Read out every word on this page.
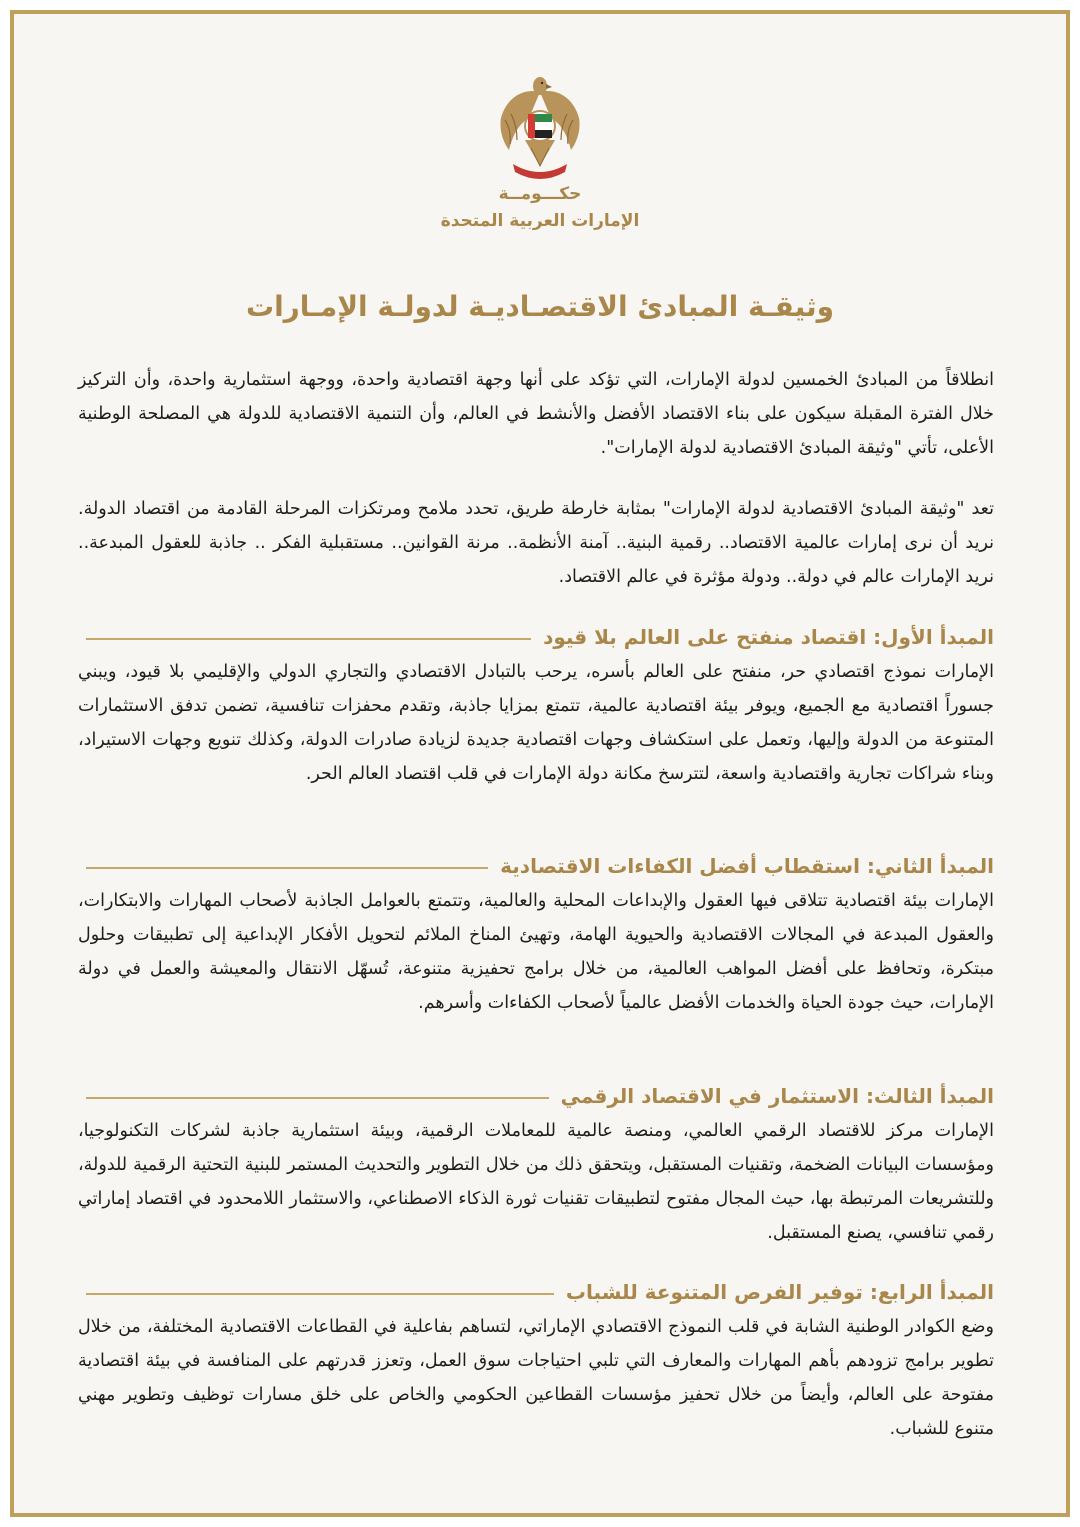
حكـــومــة
الإمارات العربية المتحدة
وثيقـة المبادئ الاقتصـاديـة لدولـة الإمـارات

انطلاقاً من المبادئ الخمسين لدولة الإمارات، التي تؤكد على أنها وجهة اقتصادية واحدة، ووجهة استثمارية واحدة، وأن التركيز خلال الفترة المقبلة سيكون على بناء الاقتصاد الأفضل والأنشط في العالم، وأن التنمية الاقتصادية للدولة هي المصلحة الوطنية الأعلى، تأتي "وثيقة المبادئ الاقتصادية لدولة الإمارات".

تعد "وثيقة المبادئ الاقتصادية لدولة الإمارات" بمثابة خارطة طريق، تحدد ملامح ومرتكزات المرحلة القادمة من اقتصاد الدولة. نريد أن نرى إمارات عالمية الاقتصاد.. رقمية البنية.. آمنة الأنظمة.. مرنة القوانين.. مستقبلية الفكر .. جاذبة للعقول المبدعة.. نريد الإمارات عالم في دولة.. ودولة مؤثرة في عالم الاقتصاد.

المبدأ الأول: اقتصاد منفتح على العالم بلا قيود

الإمارات نموذج اقتصادي حر، منفتح على العالم بأسره، يرحب بالتبادل الاقتصادي والتجاري الدولي والإقليمي بلا قيود، ويبني جسوراً اقتصادية مع الجميع، ويوفر بيئة اقتصادية عالمية، تتمتع بمزايا جاذبة، وتقدم محفزات تنافسية، تضمن تدفق الاستثمارات المتنوعة من الدولة وإليها، وتعمل على استكشاف وجهات اقتصادية جديدة لزيادة صادرات الدولة، وكذلك تنويع وجهات الاستيراد، وبناء شراكات تجارية واقتصادية واسعة، لتترسخ مكانة دولة الإمارات في قلب اقتصاد العالم الحر.

المبدأ الثاني: استقطاب أفضل الكفاءات الاقتصادية

الإمارات بيئة اقتصادية تتلاقى فيها العقول والإبداعات المحلية والعالمية، وتتمتع بالعوامل الجاذبة لأصحاب المهارات والابتكارات، والعقول المبدعة في المجالات الاقتصادية والحيوية الهامة، وتهيئ المناخ الملائم لتحويل الأفكار الإبداعية إلى تطبيقات وحلول مبتكرة، وتحافظ على أفضل المواهب العالمية، من خلال برامج تحفيزية متنوعة، تُسهّل الانتقال والمعيشة والعمل في دولة الإمارات، حيث جودة الحياة والخدمات الأفضل عالمياً لأصحاب الكفاءات وأسرهم.

المبدأ الثالث: الاستثمار في الاقتصاد الرقمي

الإمارات مركز للاقتصاد الرقمي العالمي، ومنصة عالمية للمعاملات الرقمية، وبيئة استثمارية جاذبة لشركات التكنولوجيا، ومؤسسات البيانات الضخمة، وتقنيات المستقبل، ويتحقق ذلك من خلال التطوير والتحديث المستمر للبنية التحتية الرقمية للدولة، وللتشريعات المرتبطة بها، حيث المجال مفتوح لتطبيقات تقنيات ثورة الذكاء الاصطناعي، والاستثمار اللامحدود في اقتصاد إماراتي رقمي تنافسي، يصنع المستقبل.

المبدأ الرابع: توفير الفرص المتنوعة للشباب

وضع الكوادر الوطنية الشابة في قلب النموذج الاقتصادي الإماراتي، لتساهم بفاعلية في القطاعات الاقتصادية المختلفة، من خلال تطوير برامج تزودهم بأهم المهارات والمعارف التي تلبي احتياجات سوق العمل، وتعزز قدرتهم على المنافسة في بيئة اقتصادية مفتوحة على العالم، وأيضاً من خلال تحفيز مؤسسات القطاعين الحكومي والخاص على خلق مسارات توظيف وتطوير مهني متنوع للشباب.
